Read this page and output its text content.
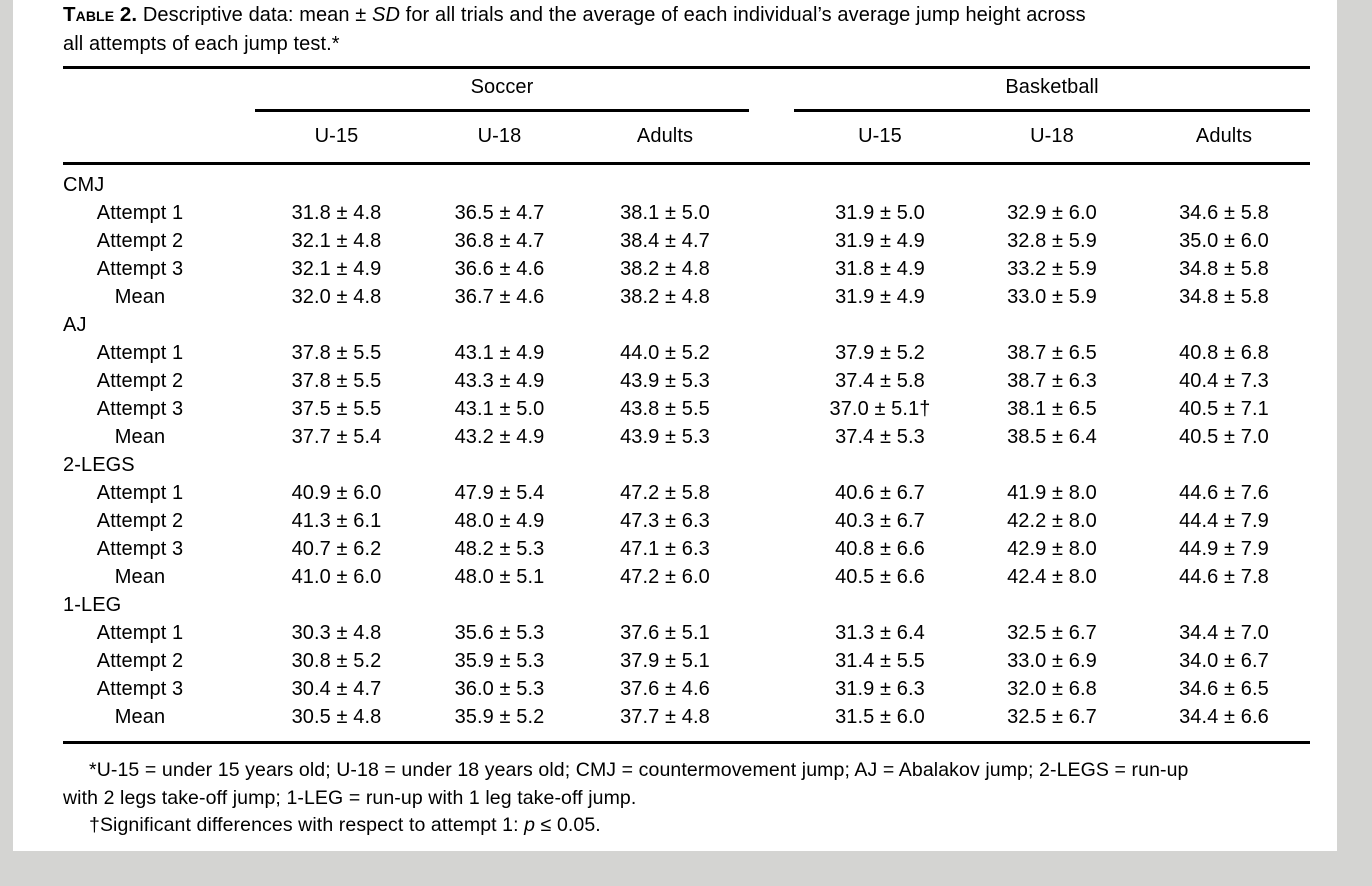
Table 2. Descriptive data: mean ± SD for all trials and the average of each individual’s average jump height across
all attempts of each jump test.*

	Soccer				Basketball		

	U-15	U-18	Adults		U-15	U-18	Adults
CMJ							
Attempt 1	31.8 ± 4.8	36.5 ± 4.7	38.1 ± 5.0		31.9 ± 5.0	32.9 ± 6.0	34.6 ± 5.8
Attempt 2	32.1 ± 4.8	36.8 ± 4.7	38.4 ± 4.7		31.9 ± 4.9	32.8 ± 5.9	35.0 ± 6.0
Attempt 3	32.1 ± 4.9	36.6 ± 4.6	38.2 ± 4.8		31.8 ± 4.9	33.2 ± 5.9	34.8 ± 5.8
Mean	32.0 ± 4.8	36.7 ± 4.6	38.2 ± 4.8		31.9 ± 4.9	33.0 ± 5.9	34.8 ± 5.8
AJ							
Attempt 1	37.8 ± 5.5	43.1 ± 4.9	44.0 ± 5.2		37.9 ± 5.2	38.7 ± 6.5	40.8 ± 6.8
Attempt 2	37.8 ± 5.5	43.3 ± 4.9	43.9 ± 5.3		37.4 ± 5.8	38.7 ± 6.3	40.4 ± 7.3
Attempt 3	37.5 ± 5.5	43.1 ± 5.0	43.8 ± 5.5		37.0 ± 5.1†	38.1 ± 6.5	40.5 ± 7.1
Mean	37.7 ± 5.4	43.2 ± 4.9	43.9 ± 5.3		37.4 ± 5.3	38.5 ± 6.4	40.5 ± 7.0
2-LEGS							
Attempt 1	40.9 ± 6.0	47.9 ± 5.4	47.2 ± 5.8		40.6 ± 6.7	41.9 ± 8.0	44.6 ± 7.6
Attempt 2	41.3 ± 6.1	48.0 ± 4.9	47.3 ± 6.3		40.3 ± 6.7	42.2 ± 8.0	44.4 ± 7.9
Attempt 3	40.7 ± 6.2	48.2 ± 5.3	47.1 ± 6.3		40.8 ± 6.6	42.9 ± 8.0	44.9 ± 7.9
Mean	41.0 ± 6.0	48.0 ± 5.1	47.2 ± 6.0		40.5 ± 6.6	42.4 ± 8.0	44.6 ± 7.8
1-LEG							
Attempt 1	30.3 ± 4.8	35.6 ± 5.3	37.6 ± 5.1		31.3 ± 6.4	32.5 ± 6.7	34.4 ± 7.0
Attempt 2	30.8 ± 5.2	35.9 ± 5.3	37.9 ± 5.1		31.4 ± 5.5	33.0 ± 6.9	34.0 ± 6.7
Attempt 3	30.4 ± 4.7	36.0 ± 5.3	37.6 ± 4.6		31.9 ± 6.3	32.0 ± 6.8	34.6 ± 6.5
Mean	30.5 ± 4.8	35.9 ± 5.2	37.7 ± 4.8		31.5 ± 6.0	32.5 ± 6.7	34.4 ± 6.6
*U-15 = under 15 years old; U-18 = under 18 years old; CMJ = countermovement jump; AJ = Abalakov jump; 2-LEGS = run-up
with 2 legs take-off jump; 1-LEG = run-up with 1 leg take-off jump.
†Significant differences with respect to attempt 1: p ≤ 0.05.
